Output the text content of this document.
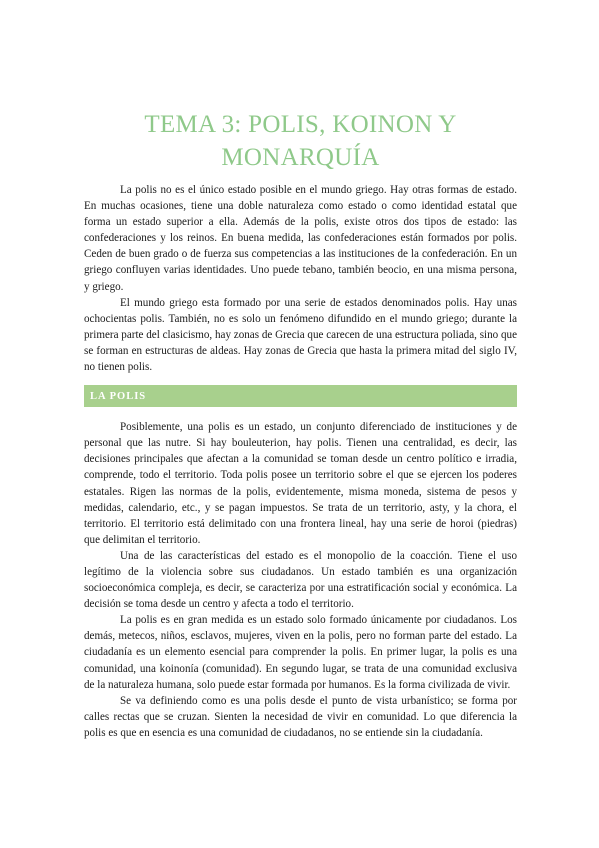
TEMA 3: POLIS, KOINON Y
MONARQUÍA

La polis no es el único estado posible en el mundo griego. Hay otras formas de estado. En muchas ocasiones, tiene una doble naturaleza como estado o como identidad estatal que forma un estado superior a ella. Además de la polis, existe otros dos tipos de estado: las confederaciones y los reinos. En buena medida, las confederaciones están formados por polis. Ceden de buen grado o de fuerza sus competencias a las instituciones de la confederación. En un griego confluyen varias identidades. Uno puede tebano, también beocio, en una misma persona, y griego.

El mundo griego esta formado por una serie de estados denominados polis. Hay unas ochocientas polis. También, no es solo un fenómeno difundido en el mundo griego; durante la primera parte del clasicismo, hay zonas de Grecia que carecen de una estructura poliada, sino que se forman en estructuras de aldeas. Hay zonas de Grecia que hasta la primera mitad del siglo IV, no tienen polis.

LA POLIS

Posiblemente, una polis es un estado, un conjunto diferenciado de instituciones y de personal que las nutre. Si hay bouleuterion, hay polis. Tienen una centralidad, es decir, las decisiones principales que afectan a la comunidad se toman desde un centro político e irradia, comprende, todo el territorio. Toda polis posee un territorio sobre el que se ejercen los poderes estatales. Rigen las normas de la polis, evidentemente, misma moneda, sistema de pesos y medidas, calendario, etc., y se pagan impuestos. Se trata de un territorio, asty, y la chora, el territorio. El territorio está delimitado con una frontera lineal, hay una serie de horoi (piedras) que delimitan el territorio.

Una de las características del estado es el monopolio de la coacción. Tiene el uso legítimo de la violencia sobre sus ciudadanos. Un estado también es una organización socioeconómica compleja, es decir, se caracteriza por una estratificación social y económica. La decisión se toma desde un centro y afecta a todo el territorio.

La polis es en gran medida es un estado solo formado únicamente por ciudadanos. Los demás, metecos, niños, esclavos, mujeres, viven en la polis, pero no forman parte del estado. La ciudadanía es un elemento esencial para comprender la polis. En primer lugar, la polis es una comunidad, una koinonía (comunidad). En segundo lugar, se trata de una comunidad exclusiva de la naturaleza humana, solo puede estar formada por humanos. Es la forma civilizada de vivir.

Se va definiendo como es una polis desde el punto de vista urbanístico; se forma por calles rectas que se cruzan. Sienten la necesidad de vivir en comunidad. Lo que diferencia la polis es que en esencia es una comunidad de ciudadanos, no se entiende sin la ciudadanía.
